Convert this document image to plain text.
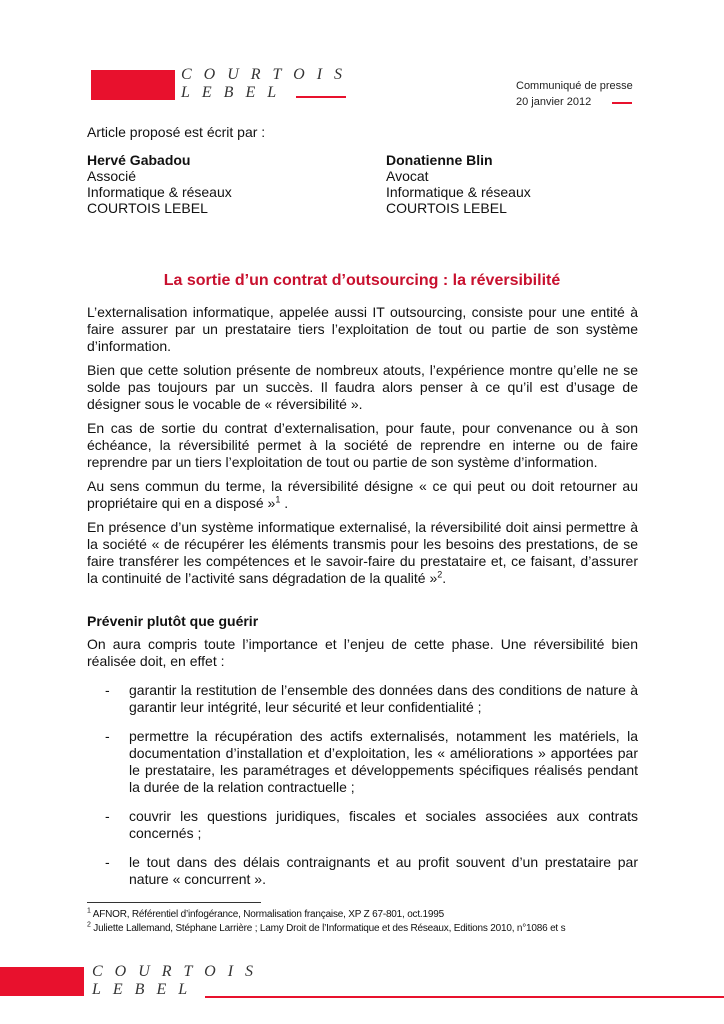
COURTOIS
LEBEL	Communiqué de presse
20 janvier 2012
Article proposé est écrit par :
Hervé Gabadou
Associé
Informatique & réseaux
COURTOIS LEBEL
Donatienne Blin
Avocat
Informatique & réseaux
COURTOIS LEBEL
La sortie d’un contrat d’outsourcing : la réversibilité

L’externalisation informatique, appelée aussi IT outsourcing, consiste pour une entité à faire assurer par un prestataire tiers l’exploitation de tout ou partie de son système d’information.

Bien que cette solution présente de nombreux atouts, l’expérience montre qu’elle ne se solde pas toujours par un succès. Il faudra alors penser à ce qu’il est d’usage de désigner sous le vocable de « réversibilité ».

En cas de sortie du contrat d’externalisation, pour faute, pour convenance ou à son échéance, la réversibilité permet à la société de reprendre en interne ou de faire reprendre par un tiers l’exploitation de tout ou partie de son système d’information.

Au sens commun du terme, la réversibilité désigne « ce qui peut ou doit retourner au propriétaire qui en a disposé »$^1$ .

En présence d’un système informatique externalisé, la réversibilité doit ainsi permettre à la société « de récupérer les éléments transmis pour les besoins des prestations, de se faire transférer les compétences et le savoir-faire du prestataire et, ce faisant, d’assurer la continuité de l’activité sans dégradation de la qualité »$^2$.

Prévenir plutôt que guérir

On aura compris toute l’importance et l’enjeu de cette phase. Une réversibilité bien réalisée doit, en effet :

- garantir la restitution de l’ensemble des données dans des conditions de nature à garantir leur intégrité, leur sécurité et leur confidentialité ;
- permettre la récupération des actifs externalisés, notamment les matériels, la documentation d’installation et d’exploitation, les « améliorations » apportées par le prestataire, les paramétrages et développements spécifiques réalisés pendant la durée de la relation contractuelle ;
- couvrir les questions juridiques, fiscales et sociales associées aux contrats concernés ;
- le tout dans des délais contraignants et au profit souvent d’un prestataire par nature « concurrent ».
$^1$ AFNOR, Référentiel d’infogérance, Normalisation française, XP Z 67-801, oct.1995
$^2$ Juliette Lallemand, Stéphane Larrière ; Lamy Droit de l’Informatique et des Réseaux, Editions 2010, n°1086 et s
COURTOIS
LEBEL
